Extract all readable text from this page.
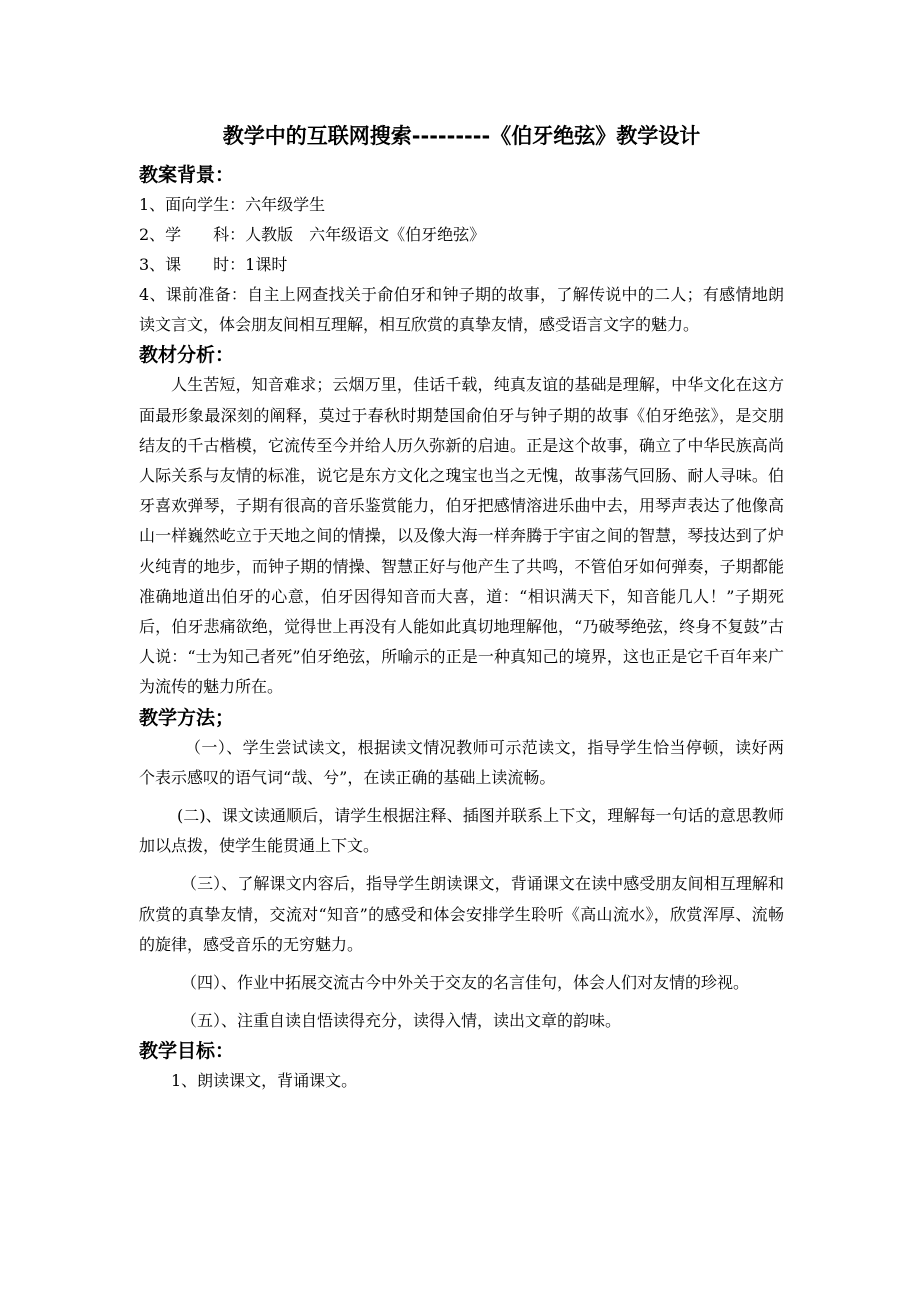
教学中的互联网搜索---------《伯牙绝弦》教学设计
教案背景：
1、面向学生：六年级学生
2、学　　科：人教版　六年级语文《伯牙绝弦》
3、课　　时：1课时
4、课前准备：自主上网查找关于俞伯牙和钟子期的故事，了解传说中的二人；有感情地朗读文言文，体会朋友间相互理解，相互欣赏的真挚友情，感受语言文字的魅力。
教材分析：
人生苦短，知音难求；云烟万里，佳话千载，纯真友谊的基础是理解，中华文化在这方面最形象最深刻的阐释，莫过于春秋时期楚国俞伯牙与钟子期的故事《伯牙绝弦》，是交朋结友的千古楷模，它流传至今并给人历久弥新的启迪。正是这个故事，确立了中华民族高尚人际关系与友情的标准，说它是东方文化之瑰宝也当之无愧，故事荡气回肠、耐人寻味。伯牙喜欢弹琴，子期有很高的音乐鉴赏能力，伯牙把感情溶进乐曲中去，用琴声表达了他像高山一样巍然屹立于天地之间的情操，以及像大海一样奔腾于宇宙之间的智慧，琴技达到了炉火纯青的地步，而钟子期的情操、智慧正好与他产生了共鸣，不管伯牙如何弹奏，子期都能准确地道出伯牙的心意，伯牙因得知音而大喜，道：“相识满天下，知音能几人！”子期死后，伯牙悲痛欲绝，觉得世上再没有人能如此真切地理解他，“乃破琴绝弦，终身不复鼓”古人说：“士为知己者死”伯牙绝弦，所喻示的正是一种真知己的境界，这也正是它千百年来广为流传的魅力所在。
教学方法；
（一）、学生尝试读文，根据读文情况教师可示范读文，指导学生恰当停顿，读好两个表示感叹的语气词“哉、兮”，在读正确的基础上读流畅。
(二)、课文读通顺后，请学生根据注释、插图并联系上下文，理解每一句话的意思教师加以点拨，使学生能贯通上下文。
（三）、了解课文内容后，指导学生朗读课文，背诵课文在读中感受朋友间相互理解和欣赏的真挚友情，交流对“知音”的感受和体会安排学生聆听《高山流水》，欣赏浑厚、流畅的旋律，感受音乐的无穷魅力。
（四）、作业中拓展交流古今中外关于交友的名言佳句，体会人们对友情的珍视。
（五）、注重自读自悟读得充分，读得入情，读出文章的韵味。
教学目标：
1、朗读课文，背诵课文。
